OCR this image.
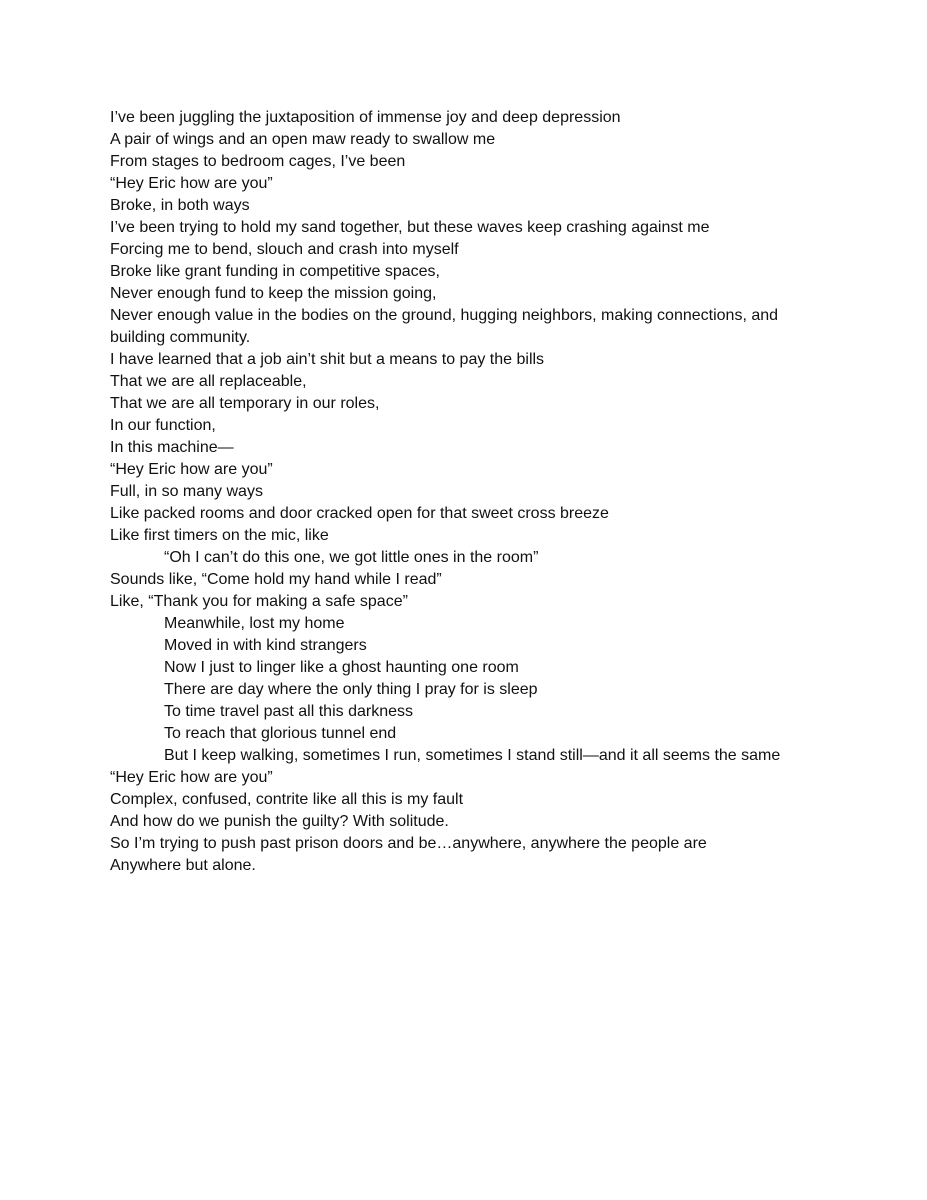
I’ve been juggling the juxtaposition of immense joy and deep depression
A pair of wings and an open maw ready to swallow me
From stages to bedroom cages, I’ve been
“Hey Eric how are you”
Broke, in both ways
I’ve been trying to hold my sand together, but these waves keep crashing against me
Forcing me to bend, slouch and crash into myself
Broke like grant funding in competitive spaces,
Never enough fund to keep the mission going,
Never enough value in the bodies on the ground, hugging neighbors, making connections, and building community.
I have learned that a job ain’t shit but a means to pay the bills
That we are all replaceable,
That we are all temporary in our roles,
In our function,
In this machine—
“Hey Eric how are you”
Full, in so many ways
Like packed rooms and door cracked open for that sweet cross breeze
Like first timers on the mic, like
“Oh I can’t do this one, we got little ones in the room”
Sounds like, “Come hold my hand while I read”
Like, “Thank you for making a safe space”
Meanwhile, lost my home
Moved in with kind strangers
Now I just to linger like a ghost haunting one room
There are day where the only thing I pray for is sleep
To time travel past all this darkness
To reach that glorious tunnel end
But I keep walking, sometimes I run, sometimes I stand still—and it all seems the same
“Hey Eric how are you”
Complex, confused, contrite like all this is my fault
And how do we punish the guilty? With solitude.
So I’m trying to push past prison doors and be…anywhere, anywhere the people are
Anywhere but alone.
